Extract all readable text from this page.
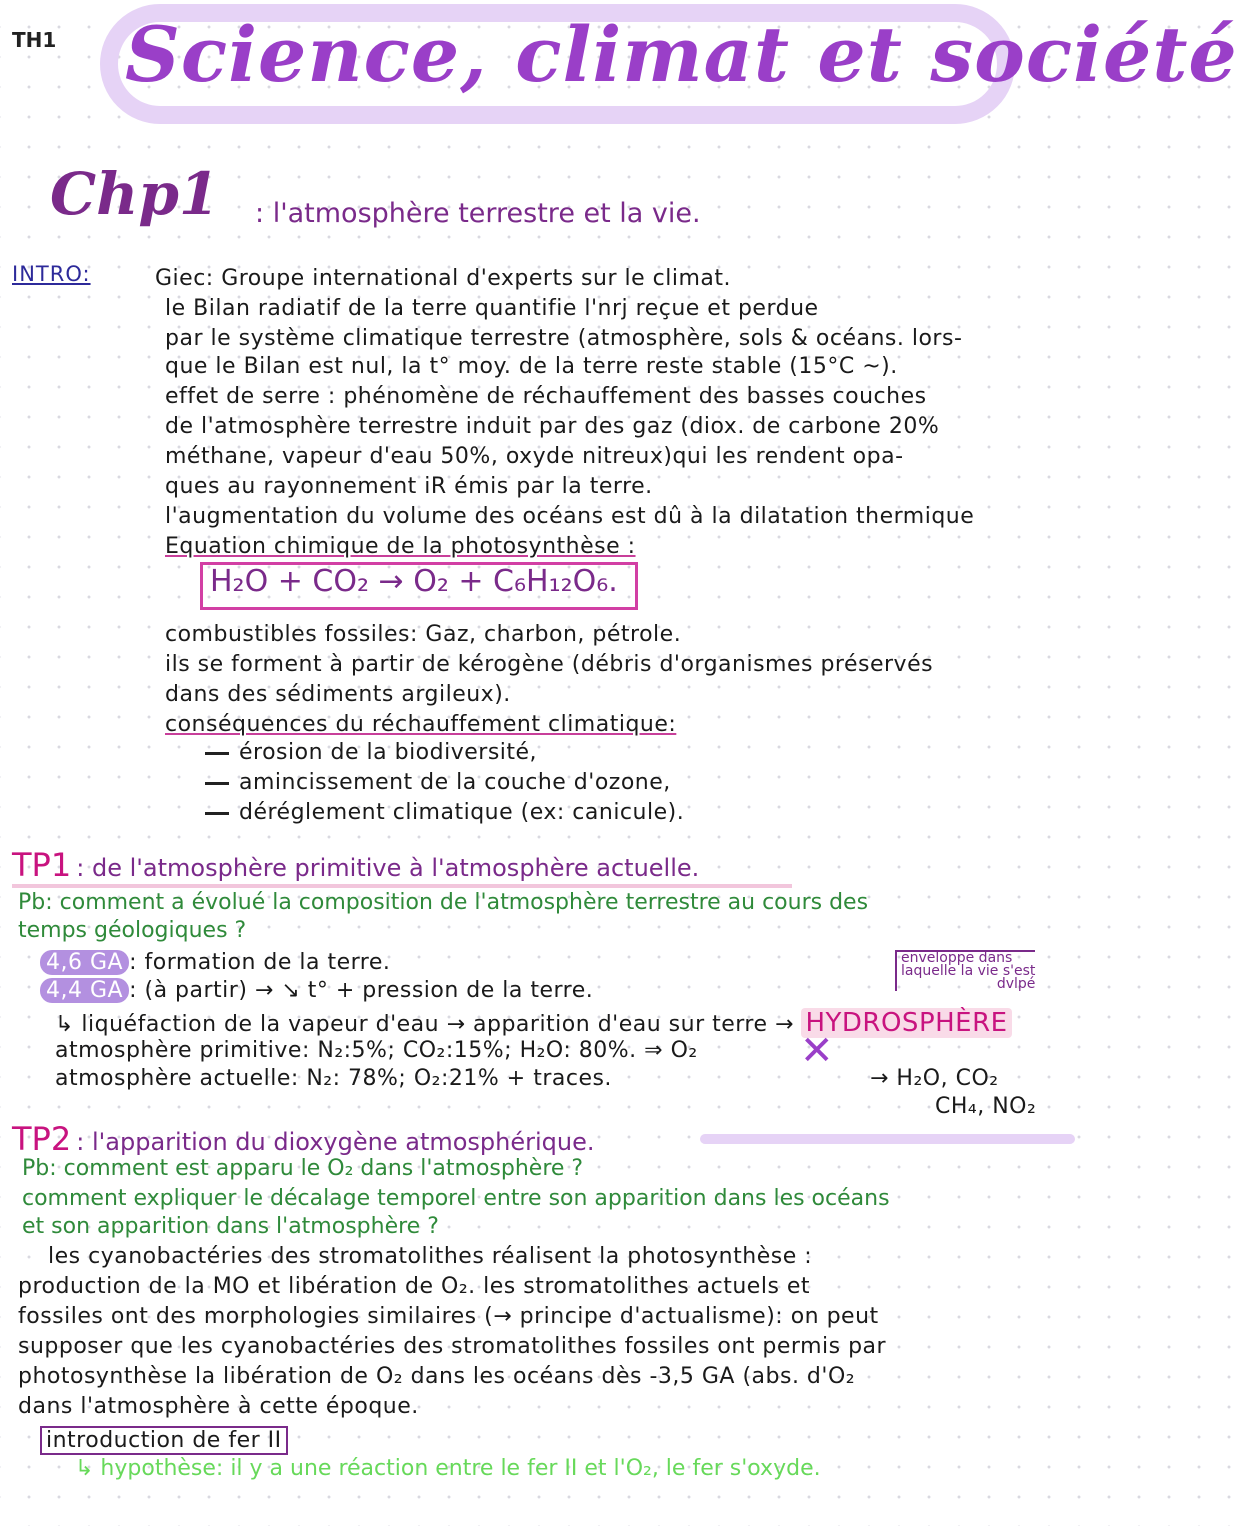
TH1 Science, climat et société
Chp1 : l'atmosphère terrestre et la vie.
INTRO:	Giec: Groupe international d'experts sur le climat.
le Bilan radiatif de la terre quantifie l'nrj reçue et perdue
par le système climatique terrestre (atmosphère, sols & océans. lors-
que le Bilan est nul, la t° moy. de la terre reste stable (15°C ~).
effet de serre : phénomène de réchauffement des basses couches
de l'atmosphère terrestre induit par des gaz (diox. de carbone 20%
méthane, vapeur d'eau 50%, oxyde nitreux)qui les rendent opa-
ques au rayonnement iR émis par la terre.
l'augmentation du volume des océans est dû à la dilatation thermique
Equation chimique de la photosynthèse :
H₂O + CO₂ → O₂ + C₆H₁₂O₆.
combustibles fossiles: Gaz, charbon, pétrole.
ils se forment à partir de kérogène (débris d'organismes préservés
dans des sédiments argileux).
conséquences du réchauffement climatique:
érosion de la biodiversité,
amincissement de la couche d'ozone,
déréglement climatique (ex: canicule).
TP1 : de l'atmosphère primitive à l'atmosphère actuelle.
Pb: comment a évolué la composition de l'atmosphère terrestre au cours des
temps géologiques ?
4,6 GA : formation de la terre.
4,4 GA : (à partir) → ↘ t° + pression de la terre.
enveloppe dans
laquelle la vie s'est
dvlpé
↳ liquéfaction de la vapeur d'eau → apparition d'eau sur terre → HYDROSPHÈRE
atmosphère primitive: N₂:5%; CO₂:15%; H₂O: 80%. ⇒ O₂	✕
atmosphère actuelle: N₂: 78%; O₂:21% + traces.	→ H₂O, CO₂
CH₄, NO₂
TP2 : l'apparition du dioxygène atmosphérique.
Pb: comment est apparu le O₂ dans l'atmosphère ?
comment expliquer le décalage temporel entre son apparition dans les océans
et son apparition dans l'atmosphère ?
les cyanobactéries des stromatolithes réalisent la photosynthèse :
production de la MO et libération de O₂. les stromatolithes actuels et
fossiles ont des morphologies similaires (→ principe d'actualisme): on peut
supposer que les cyanobactéries des stromatolithes fossiles ont permis par
photosynthèse la libération de O₂ dans les océans dès -3,5 GA (abs. d'O₂
dans l'atmosphère à cette époque.
introduction de fer II
↳ hypothèse: il y a une réaction entre le fer II et l'O₂, le fer s'oxyde.
